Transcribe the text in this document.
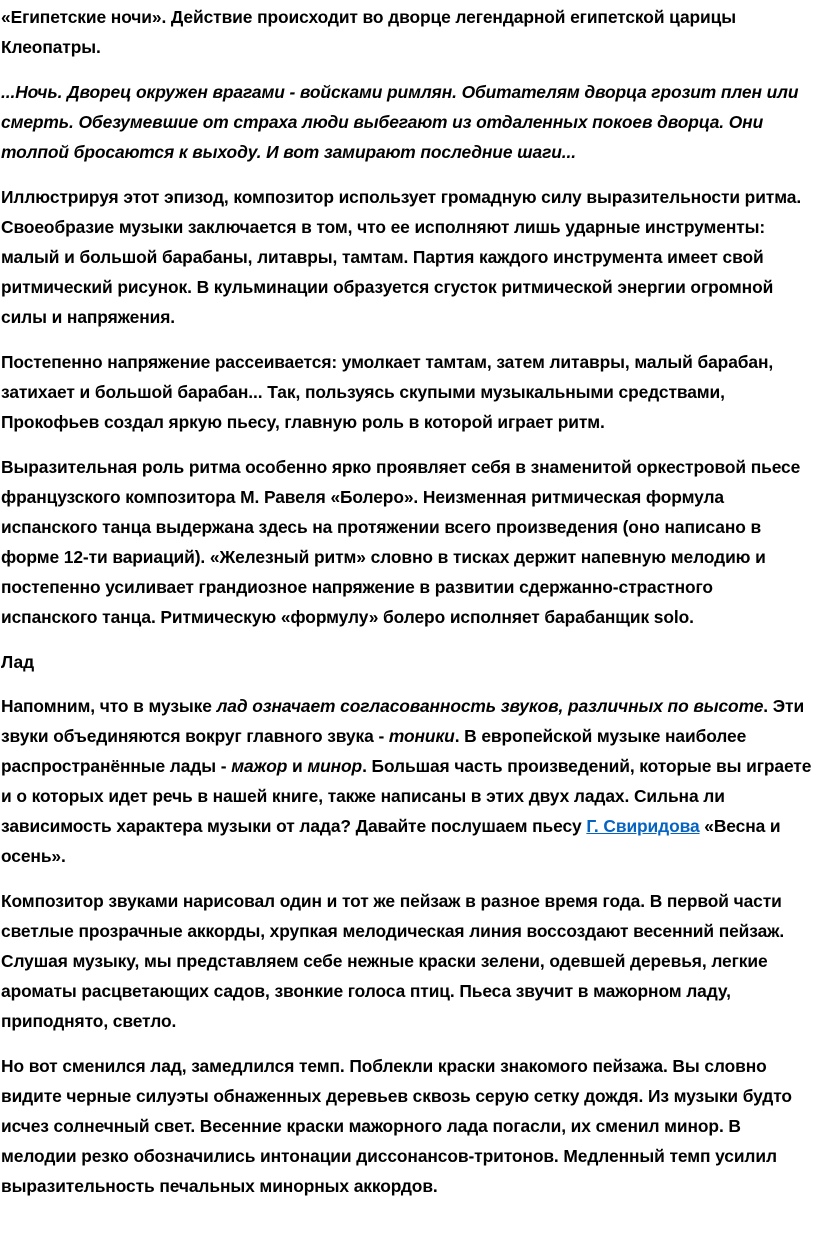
«Египетские ночи». Действие происходит во дворце легендарной египетской царицы Клеопатры.

...Ночь. Дворец окружен врагами - войсками римлян. Обитателям дворца грозит плен или смерть. Обезумевшие от страха люди выбегают из отдаленных покоев дворца. Они толпой бросаются к выходу. И вот замирают последние шаги...

Иллюстрируя этот эпизод, композитор использует громадную силу выразительности ритма. Своеобразие музыки заключается в том, что ее исполняют лишь ударные инструменты: малый и большой барабаны, литавры, тамтам. Партия каждого инструмента имеет свой ритмический рисунок. В кульминации образуется сгусток ритмической энергии огромной силы и напряжения.

Постепенно напряжение рассеивается: умолкает тамтам, затем литавры, малый барабан, затихает и большой барабан... Так, пользуясь скупыми музыкальными средствами, Прокофьев создал яркую пьесу, главную роль в которой играет ритм.

Выразительная роль ритма особенно ярко проявляет себя в знаменитой оркестровой пьесе французского композитора М. Равеля «Болеро». Неизменная ритмическая формула испанского танца выдержана здесь на протяжении всего произведения (оно написано в форме 12-ти вариаций). «Железный ритм» словно в тисках держит напевную мелодию и постепенно усиливает грандиозное напряжение в развитии сдержанно-страстного испанского танца. Ритмическую «формулу» болеро исполняет барабанщик solo.

Лад

Напомним, что в музыке лад означает согласованность звуков, различных по высоте. Эти звуки объединяются вокруг главного звука - тоники. В европейской музыке наиболее распространённые лады - мажор и минор. Большая часть произведений, которые вы играете и о которых идет речь в нашей книге, также написаны в этих двух ладах. Сильна ли зависимость характера музыки от лада? Давайте послушаем пьесу Г. Свиридова «Весна и осень».

Композитор звуками нарисовал один и тот же пейзаж в разное время года. В первой части светлые прозрачные аккорды, хрупкая мелодическая линия воссоздают весенний пейзаж. Слушая музыку, мы представляем себе нежные краски зелени, одевшей деревья, легкие ароматы расцветающих садов, звонкие голоса птиц. Пьеса звучит в мажорном ладу, приподнято, светло.

Но вот сменился лад, замедлился темп. Поблекли краски знакомого пейзажа. Вы словно видите черные силуэты обнаженных деревьев сквозь серую сетку дождя. Из музыки будто исчез солнечный свет. Весенние краски мажорного лада погасли, их сменил минор. В мелодии резко обозначились интонации диссонансов-тритонов. Медленный темп усилил выразительность печальных минорных аккордов.
